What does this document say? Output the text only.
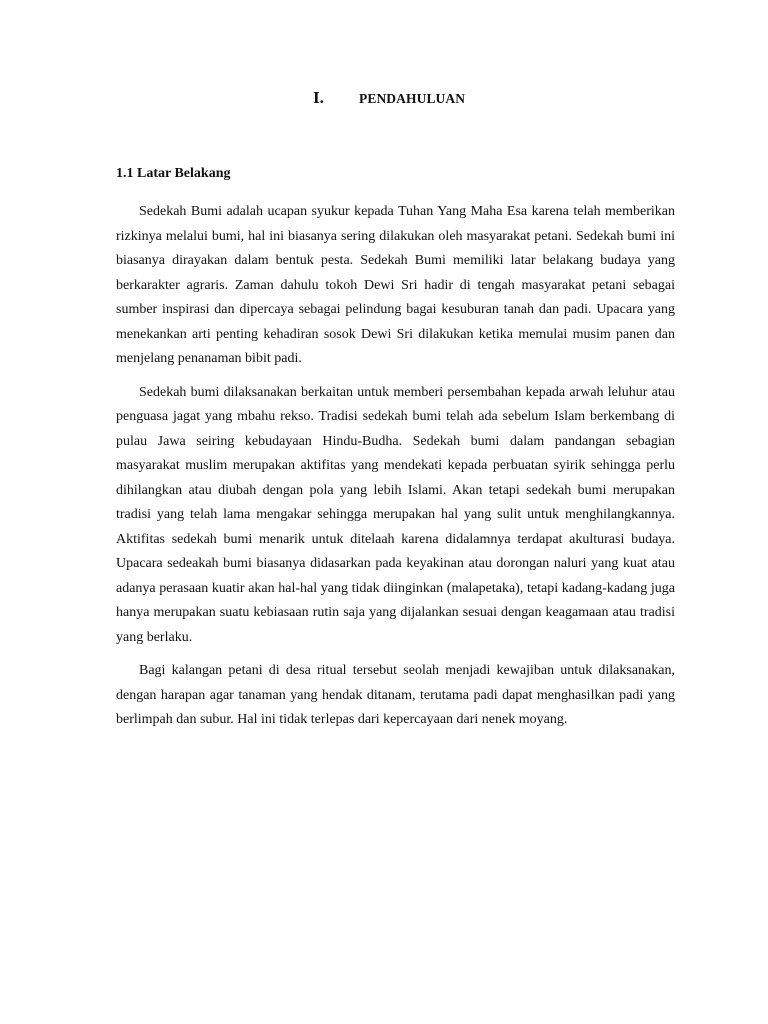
I.	PENDAHULUAN
1.1 Latar Belakang

Sedekah Bumi adalah ucapan syukur kepada Tuhan Yang Maha Esa karena telah memberikan rizkinya melalui bumi, hal ini biasanya sering dilakukan oleh masyarakat petani. Sedekah bumi ini biasanya dirayakan dalam bentuk pesta. Sedekah Bumi memiliki latar belakang budaya yang berkarakter agraris. Zaman dahulu tokoh Dewi Sri hadir di tengah masyarakat petani sebagai sumber inspirasi dan dipercaya sebagai pelindung bagai kesuburan tanah dan padi. Upacara yang menekankan arti penting kehadiran sosok Dewi Sri dilakukan ketika memulai musim panen dan menjelang penanaman bibit padi.

Sedekah bumi dilaksanakan berkaitan untuk memberi persembahan kepada arwah leluhur atau penguasa jagat yang mbahu rekso. Tradisi sedekah bumi telah ada sebelum Islam berkembang di pulau Jawa seiring kebudayaan Hindu-Budha. Sedekah bumi dalam pandangan sebagian masyarakat muslim merupakan aktifitas yang mendekati kepada perbuatan syirik sehingga perlu dihilangkan atau diubah dengan pola yang lebih Islami. Akan tetapi sedekah bumi merupakan tradisi yang telah lama mengakar sehingga merupakan hal yang sulit untuk menghilangkannya. Aktifitas sedekah bumi menarik untuk ditelaah karena didalamnya terdapat akulturasi budaya. Upacara sedeakah bumi biasanya didasarkan pada keyakinan atau dorongan naluri yang kuat atau adanya perasaan kuatir akan hal-hal yang tidak diinginkan (malapetaka), tetapi kadang-kadang juga hanya merupakan suatu kebiasaan rutin saja yang dijalankan sesuai dengan keagamaan atau tradisi yang berlaku.

Bagi kalangan petani di desa ritual tersebut seolah menjadi kewajiban untuk dilaksanakan, dengan harapan agar tanaman yang hendak ditanam, terutama padi dapat menghasilkan padi yang berlimpah dan subur. Hal ini tidak terlepas dari kepercayaan dari nenek moyang.
